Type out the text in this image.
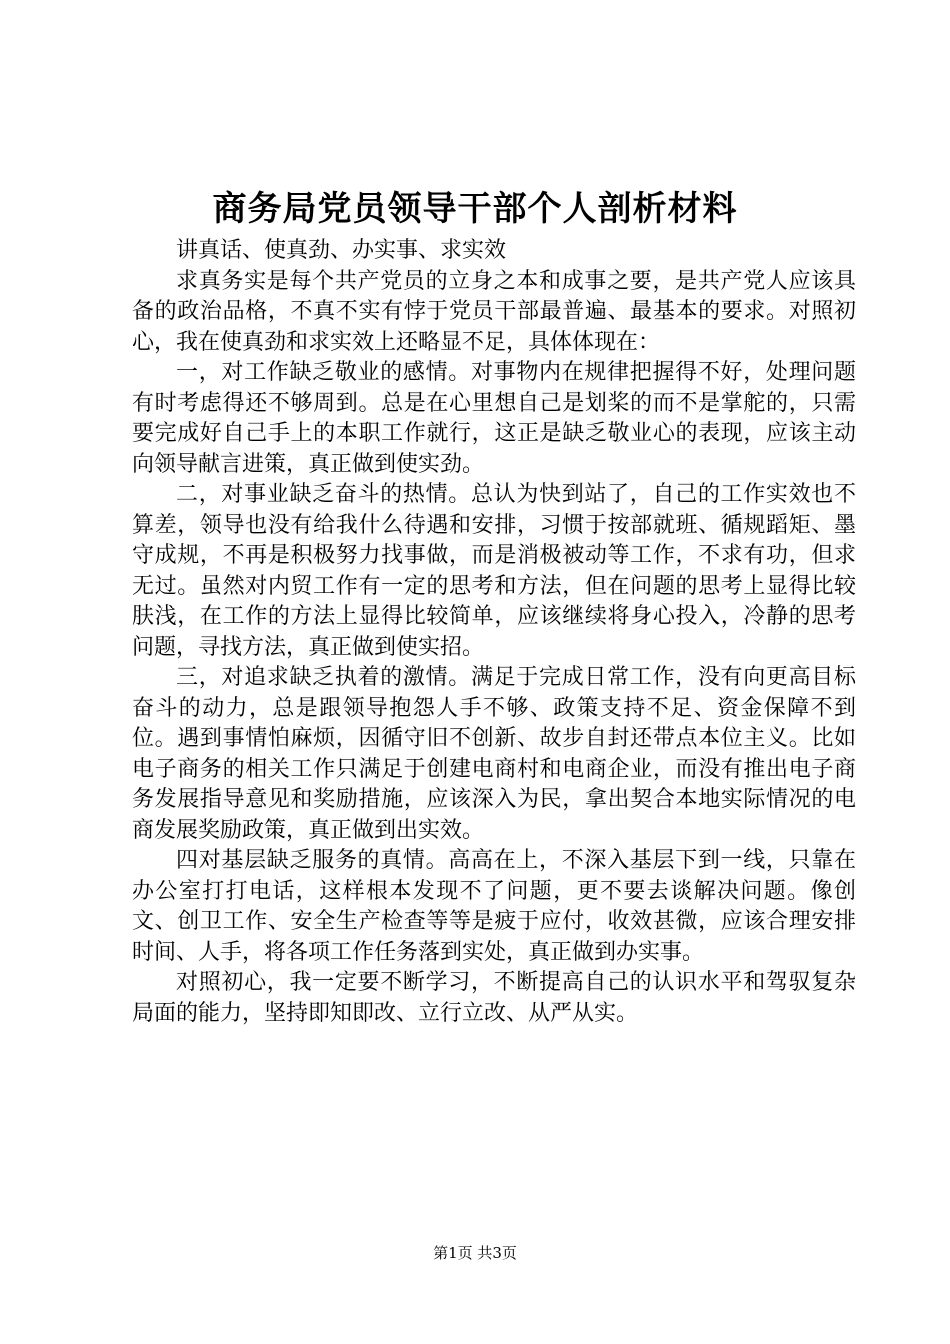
商务局党员领导干部个人剖析材料

讲真话、使真劲、办实事、求实效

求真务实是每个共产党员的立身之本和成事之要，是共产党人应该具备的政治品格，不真不实有悖于党员干部最普遍、最基本的要求。对照初心，我在使真劲和求实效上还略显不足，具体体现在：

一，对工作缺乏敬业的感情。对事物内在规律把握得不好，处理问题有时考虑得还不够周到。总是在心里想自己是划桨的而不是掌舵的，只需要完成好自己手上的本职工作就行，这正是缺乏敬业心的表现，应该主动向领导献言进策，真正做到使实劲。

二，对事业缺乏奋斗的热情。总认为快到站了，自己的工作实效也不算差，领导也没有给我什么待遇和安排，习惯于按部就班、循规蹈矩、墨守成规，不再是积极努力找事做，而是消极被动等工作，不求有功，但求无过。虽然对内贸工作有一定的思考和方法，但在问题的思考上显得比较肤浅，在工作的方法上显得比较简单，应该继续将身心投入，冷静的思考问题，寻找方法，真正做到使实招。

三，对追求缺乏执着的激情。满足于完成日常工作，没有向更高目标奋斗的动力，总是跟领导抱怨人手不够、政策支持不足、资金保障不到位。遇到事情怕麻烦，因循守旧不创新、故步自封还带点本位主义。比如电子商务的相关工作只满足于创建电商村和电商企业，而没有推出电子商务发展指导意见和奖励措施，应该深入为民，拿出契合本地实际情况的电商发展奖励政策，真正做到出实效。

四对基层缺乏服务的真情。高高在上，不深入基层下到一线，只靠在办公室打打电话，这样根本发现不了问题，更不要去谈解决问题。像创文、创卫工作、安全生产检查等等是疲于应付，收效甚微，应该合理安排时间、人手，将各项工作任务落到实处，真正做到办实事。

对照初心，我一定要不断学习，不断提高自己的认识水平和驾驭复杂局面的能力，坚持即知即改、立行立改、从严从实。

第1页 共3页
